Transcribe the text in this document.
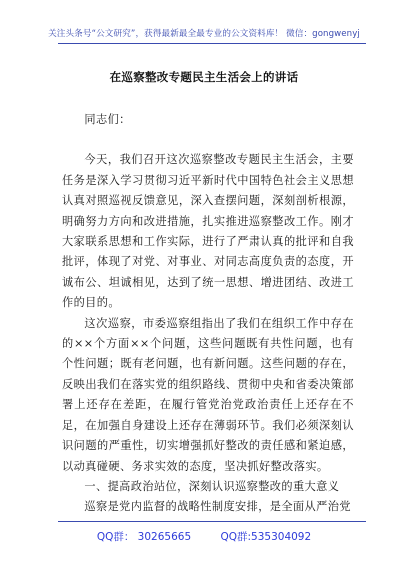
关注头条号“公文研究”，获得最新最全最专业的公文资料库！ 微信：gongwenyj
在巡察整改专题民主生活会上的讲话

同志们：

今天，我们召开这次巡察整改专题民主生活会，主要任务是深入学习贯彻习近平新时代中国特色社会主义思想认真对照巡视反馈意见，深入查摆问题，深刻剖析根源，明确努力方向和改进措施，扎实推进巡察整改工作。刚才大家联系思想和工作实际，进行了严肃认真的批评和自我批评，体现了对党、对事业、对同志高度负责的态度，开诚布公、坦诚相见，达到了统一思想、增进团结、改进工作的目的。

这次巡察，市委巡察组指出了我们在组织工作中存在的××个方面××个问题，这些问题既有共性问题，也有个性问题；既有老问题，也有新问题。这些问题的存在，反映出我们在落实党的组织路线、贯彻中央和省委决策部署上还存在差距，在履行管党治党政治责任上还存在不足，在加强自身建设上还存在薄弱环节。我们必须深刻认识问题的严重性，切实增强抓好整改的责任感和紧迫感，以动真碰硬、务求实效的态度，坚决抓好整改落实。

一、提高政治站位，深刻认识巡察整改的重大意义

巡察是党内监督的战略性制度安排，是全面从严治党

QQ群： 30265665	QQ群:535304092
